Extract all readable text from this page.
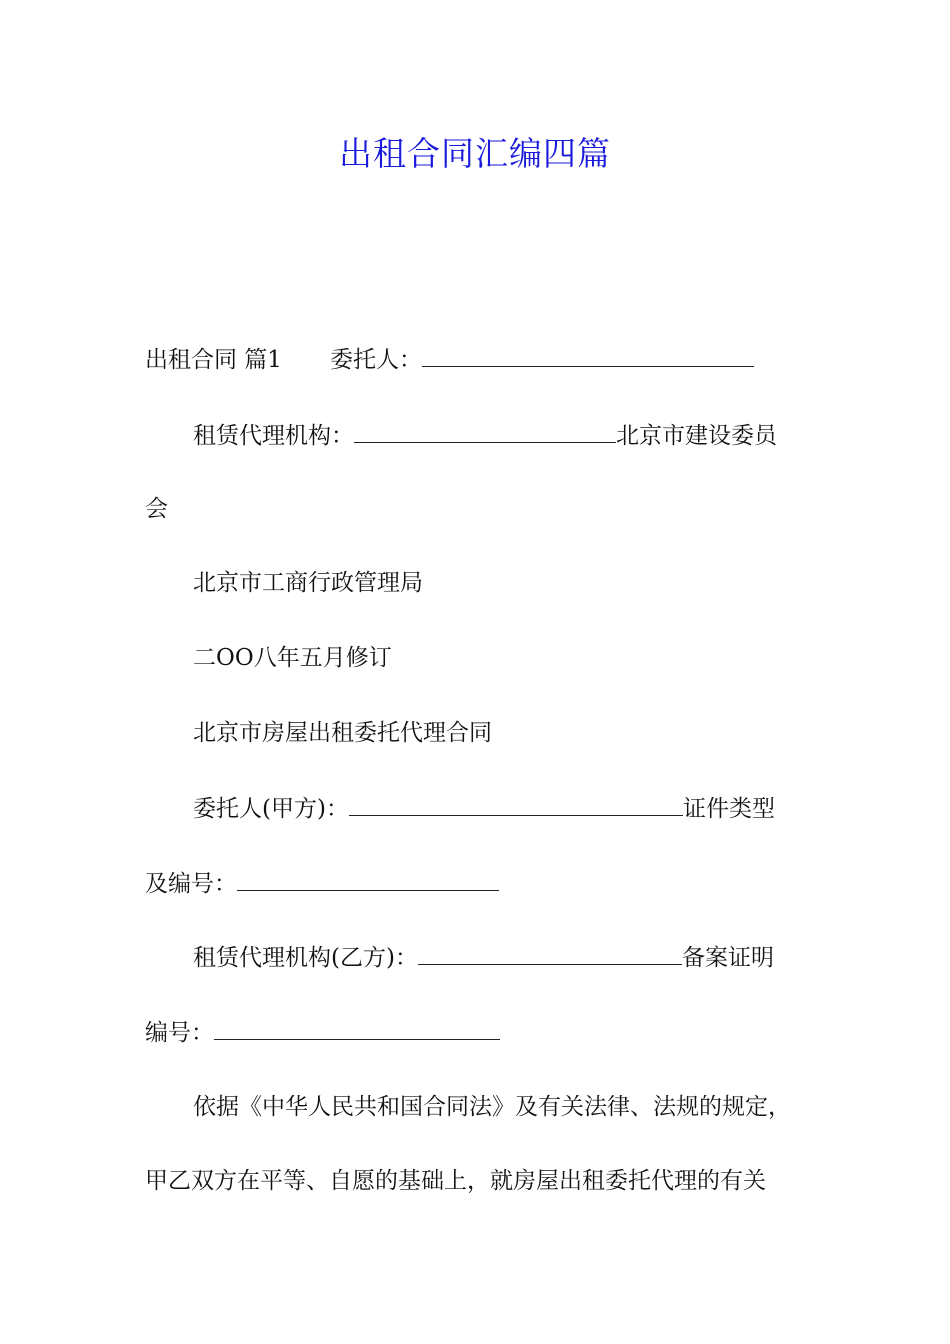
出租合同汇编四篇
出租合同 篇1 委托人：
租赁代理机构：	北京市建设委员
会
北京市工商行政管理局
二OO八年五月修订
北京市房屋出租委托代理合同
委托人(甲方)：	证件类型
及编号：
租赁代理机构(乙方)：	备案证明
编号：
依据《中华人民共和国合同法》及有关法律、法规的规定，
甲乙双方在平等、自愿的基础上，就房屋出租委托代理的有关
